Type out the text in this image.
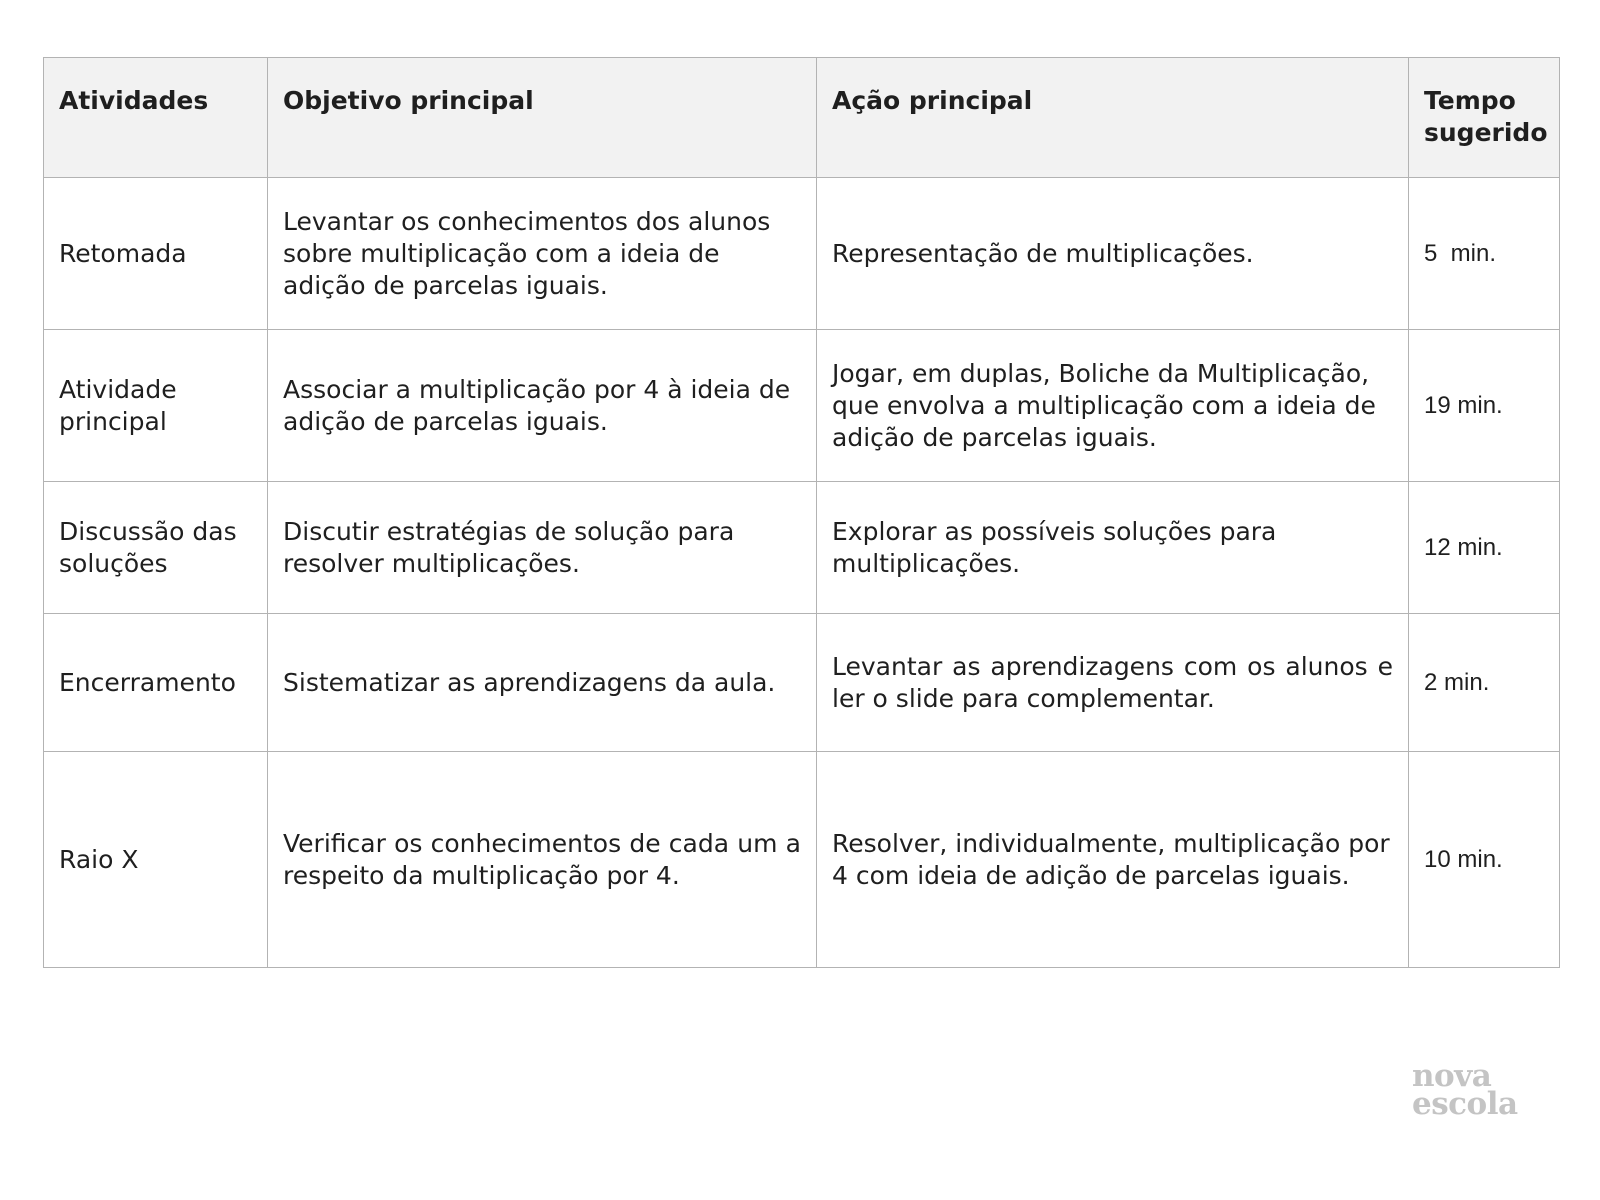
Atividades	Objetivo principal	Ação principal	Tempo sugerido
Retomada	Levantar os conhecimentos dos alunos sobre multiplicação com a ideia de adição de parcelas iguais.	Representação de multiplicações.	5  min.
Atividade principal	Associar a multiplicação por 4 à ideia de adição de parcelas iguais.	Jogar, em duplas, Boliche da Multiplicação, que envolva a multiplicação com a ideia de adição de parcelas iguais.	19 min.
Discussão das soluções	Discutir estratégias de solução para resolver multiplicações.	Explorar as possíveis soluções para multiplicações.	12 min.
Encerramento	Sistematizar as aprendizagens da aula.	Levantar as aprendizagens com os alunos e ler o slide para complementar.	2 min.
Raio X	Verificar os conhecimentos de cada um a respeito da multiplicação por 4.	Resolver, individualmente, multiplicação por 4 com ideia de adição de parcelas iguais.	10 min.
nova
escola
